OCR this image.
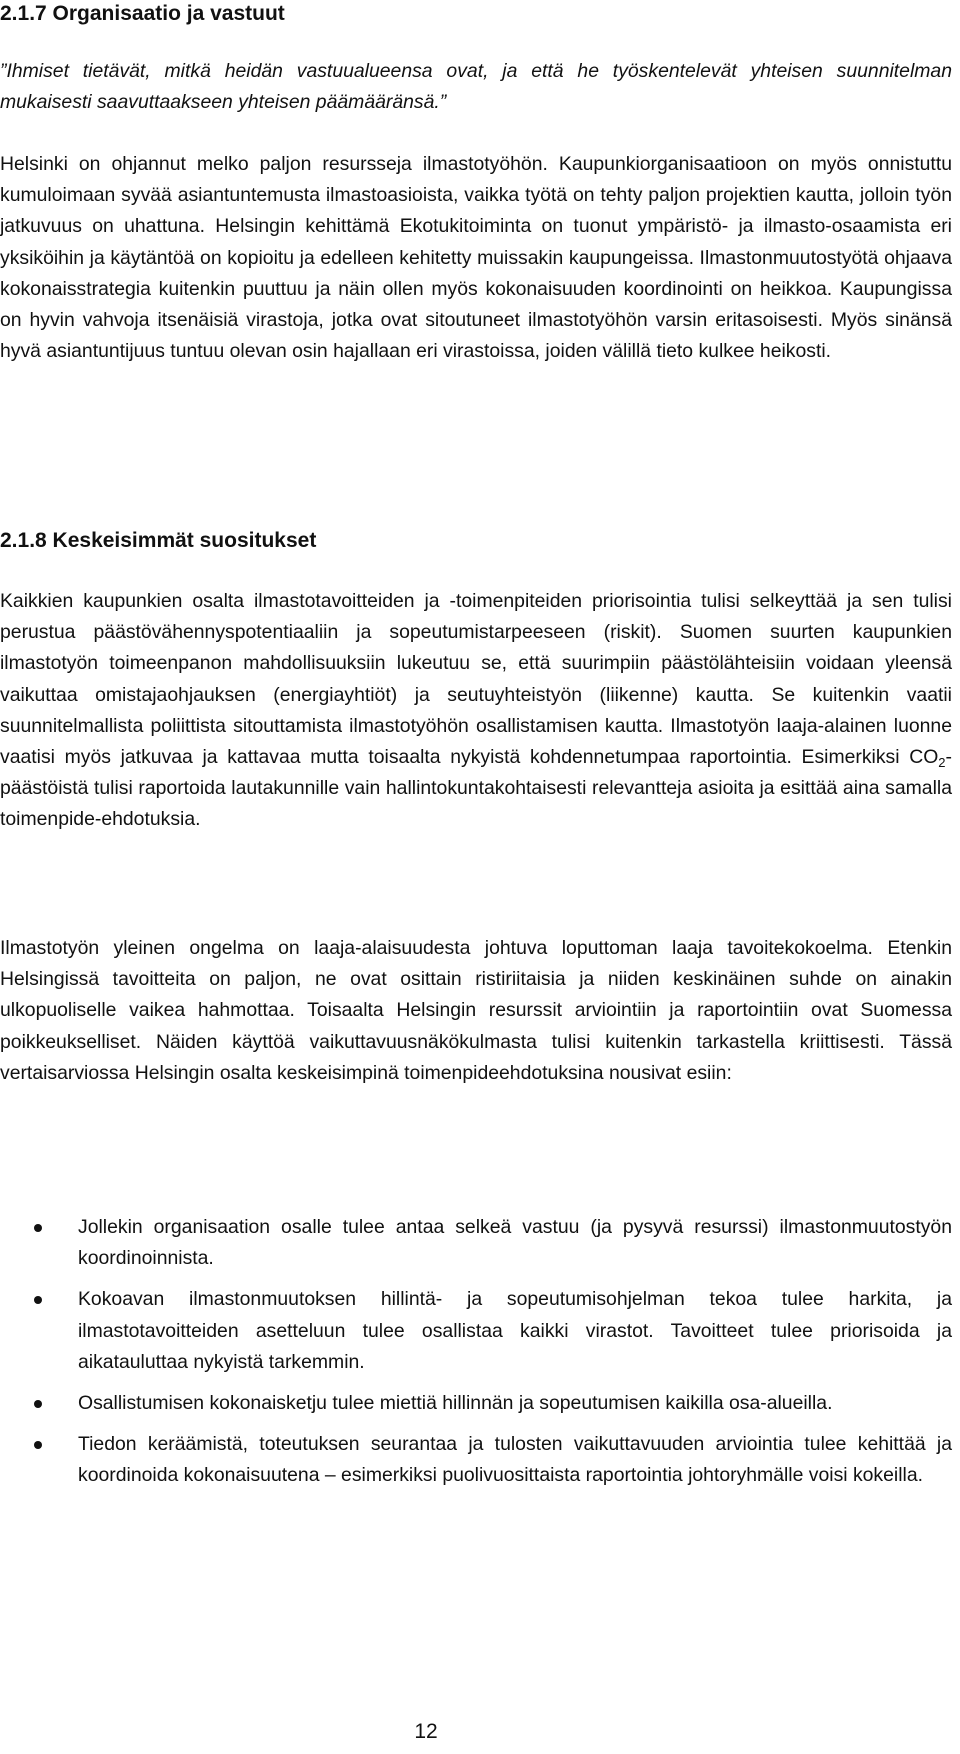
2.1.7 Organisaatio ja vastuut

”Ihmiset tietävät, mitkä heidän vastuualueensa ovat, ja että he työskentelevät yhteisen suunnitelman mukaisesti saavuttaakseen yhteisen päämääränsä.”

Helsinki on ohjannut melko paljon resursseja ilmastotyöhön. Kaupunkiorganisaatioon on myös onnistuttu kumuloimaan syvää asiantuntemusta ilmastoasioista, vaikka työtä on tehty paljon projektien kautta, jolloin työn jatkuvuus on uhattuna. Helsingin kehittämä Ekotukitoiminta on tuonut ympäristö- ja ilmasto-osaamista eri yksiköihin ja käytäntöä on kopioitu ja edelleen kehitetty muissakin kaupungeissa. Ilmastonmuutostyötä ohjaava kokonaisstrategia kuitenkin puuttuu ja näin ollen myös kokonaisuuden koordinointi on heikkoa. Kaupungissa on hyvin vahvoja itsenäisiä virastoja, jotka ovat sitoutuneet ilmastotyöhön varsin eritasoisesti. Myös sinänsä hyvä asiantuntijuus tuntuu olevan osin hajallaan eri virastoissa, joiden välillä tieto kulkee heikosti.

2.1.8 Keskeisimmät suositukset

Kaikkien kaupunkien osalta ilmastotavoitteiden ja -toimenpiteiden priorisointia tulisi selkeyttää ja sen tulisi perustua päästövähennyspotentiaaliin ja sopeutumistarpeeseen (riskit). Suomen suurten kaupunkien ilmastotyön toimeenpanon mahdollisuuksiin lukeutuu se, että suurimpiin päästölähteisiin voidaan yleensä vaikuttaa omistajaohjauksen (energiayhtiöt) ja seutuyhteistyön (liikenne) kautta. Se kuitenkin vaatii suunnitelmallista poliittista sitouttamista ilmastotyöhön osallistamisen kautta. Ilmastotyön laaja-alainen luonne vaatisi myös jatkuvaa ja kattavaa mutta toisaalta nykyistä kohdennetumpaa raportointia. Esimerkiksi $CO_2$-päästöistä tulisi raportoida lautakunnille vain hallintokuntakohtaisesti relevantteja asioita ja esittää aina samalla toimenpide-ehdotuksia.

Ilmastotyön yleinen ongelma on laaja-alaisuudesta johtuva loputtoman laaja tavoitekokoelma. Etenkin Helsingissä tavoitteita on paljon, ne ovat osittain ristiriitaisia ja niiden keskinäinen suhde on ainakin ulkopuoliselle vaikea hahmottaa. Toisaalta Helsingin resurssit arviointiin ja raportointiin ovat Suomessa poikkeukselliset. Näiden käyttöä vaikuttavuusnäkökulmasta tulisi kuitenkin tarkastella kriittisesti. Tässä vertaisarviossa Helsingin osalta keskeisimpinä toimenpideehdotuksina nousivat esiin:

Jollekin organisaation osalle tulee antaa selkeä vastuu (ja pysyvä resurssi) ilmastonmuutostyön koordinoinnista.
Kokoavan ilmastonmuutoksen hillintä- ja sopeutumisohjelman tekoa tulee harkita, ja ilmastotavoitteiden asetteluun tulee osallistaa kaikki virastot. Tavoitteet tulee priorisoida ja aikatauluttaa nykyistä tarkemmin.
Osallistumisen kokonaisketju tulee miettiä hillinnän ja sopeutumisen kaikilla osa-alueilla.
Tiedon keräämistä, toteutuksen seurantaa ja tulosten vaikuttavuuden arviointia tulee kehittää ja koordinoida kokonaisuutena – esimerkiksi puolivuosittaista raportointia johtoryhmälle voisi kokeilla.
12
